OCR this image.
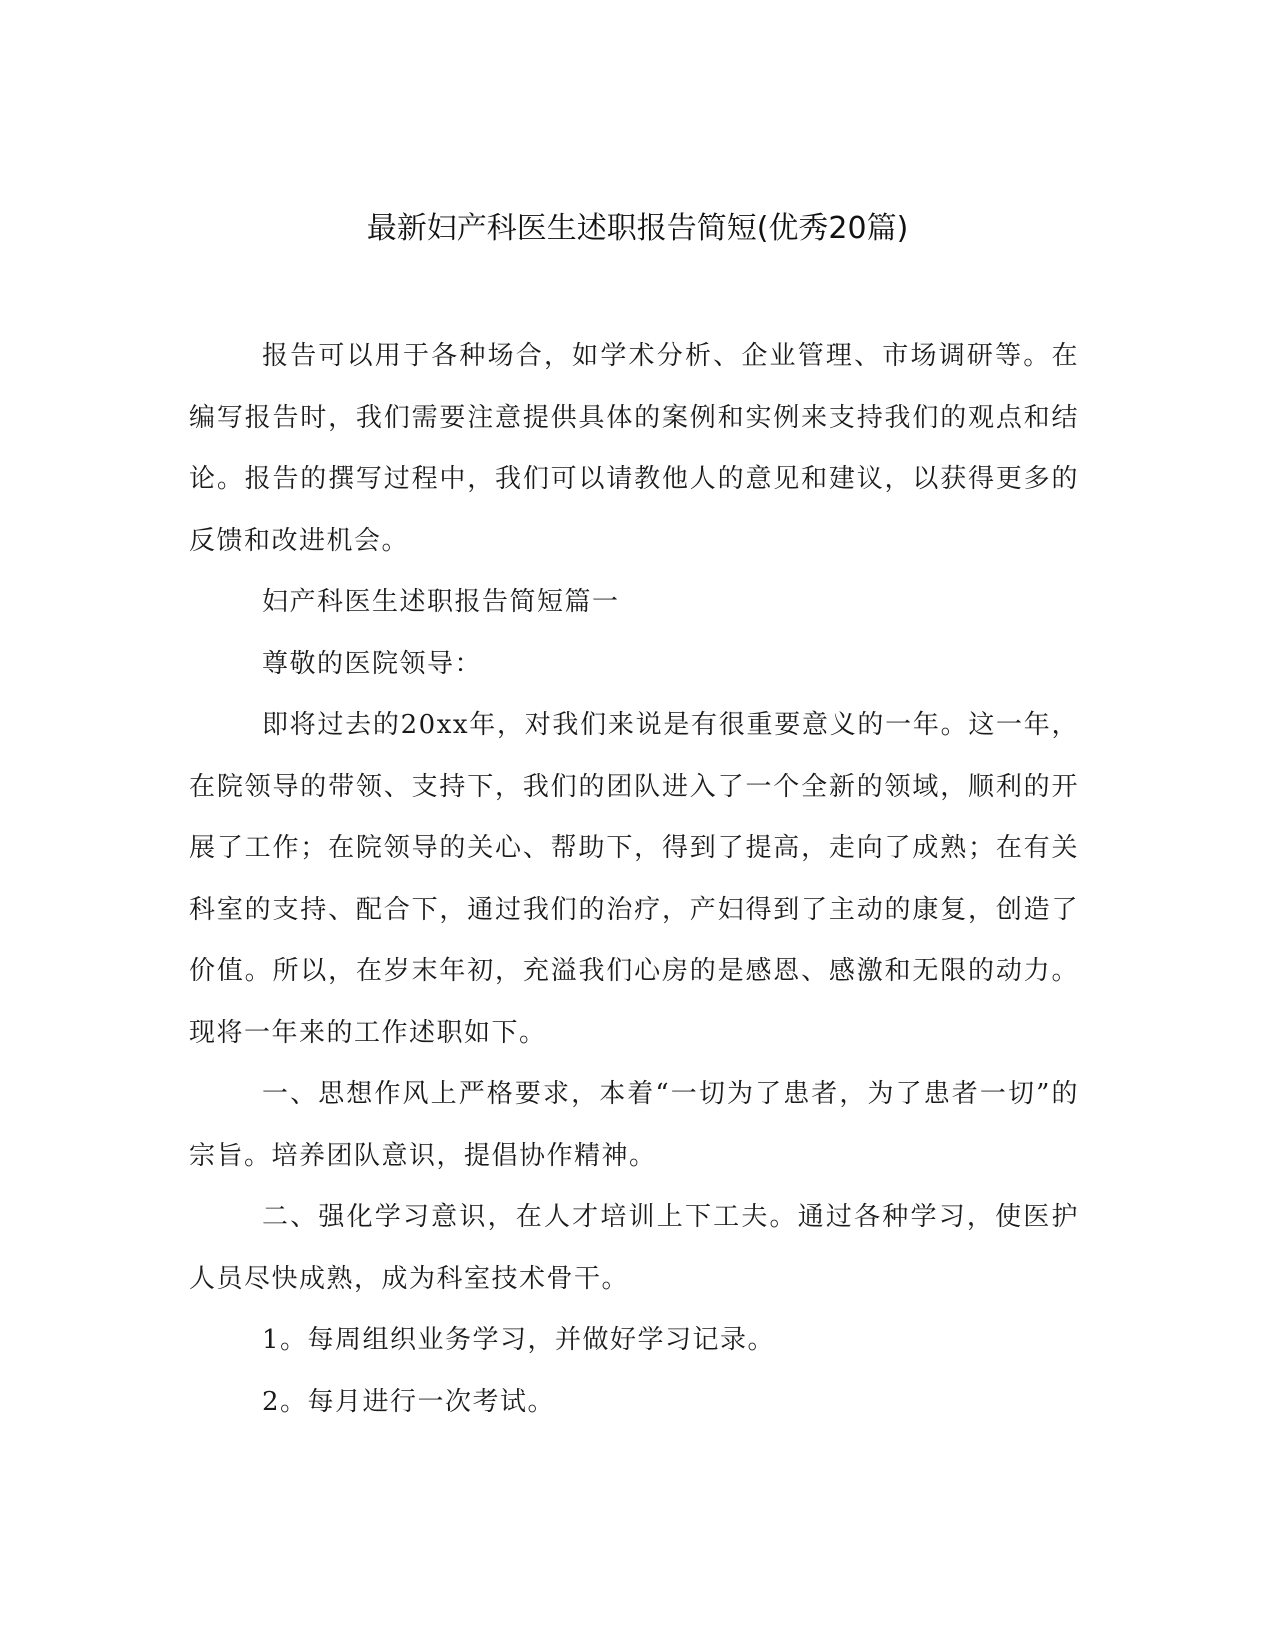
最新妇产科医生述职报告简短(优秀20篇)

报告可以用于各种场合，如学术分析、企业管理、市场调研等。在编写报告时，我们需要注意提供具体的案例和实例来支持我们的观点和结论。报告的撰写过程中，我们可以请教他人的意见和建议，以获得更多的反馈和改进机会。

妇产科医生述职报告简短篇一

尊敬的医院领导：

即将过去的20xx年，对我们来说是有很重要意义的一年。这一年，在院领导的带领、支持下，我们的团队进入了一个全新的领域，顺利的开展了工作；在院领导的关心、帮助下，得到了提高，走向了成熟；在有关科室的支持、配合下，通过我们的治疗，产妇得到了主动的康复，创造了价值。所以，在岁末年初，充溢我们心房的是感恩、感激和无限的动力。现将一年来的工作述职如下。

一、思想作风上严格要求，本着“一切为了患者，为了患者一切”的宗旨。培养团队意识，提倡协作精神。

二、强化学习意识，在人才培训上下工夫。通过各种学习，使医护人员尽快成熟，成为科室技术骨干。

1。每周组织业务学习，并做好学习记录。

2。每月进行一次考试。
